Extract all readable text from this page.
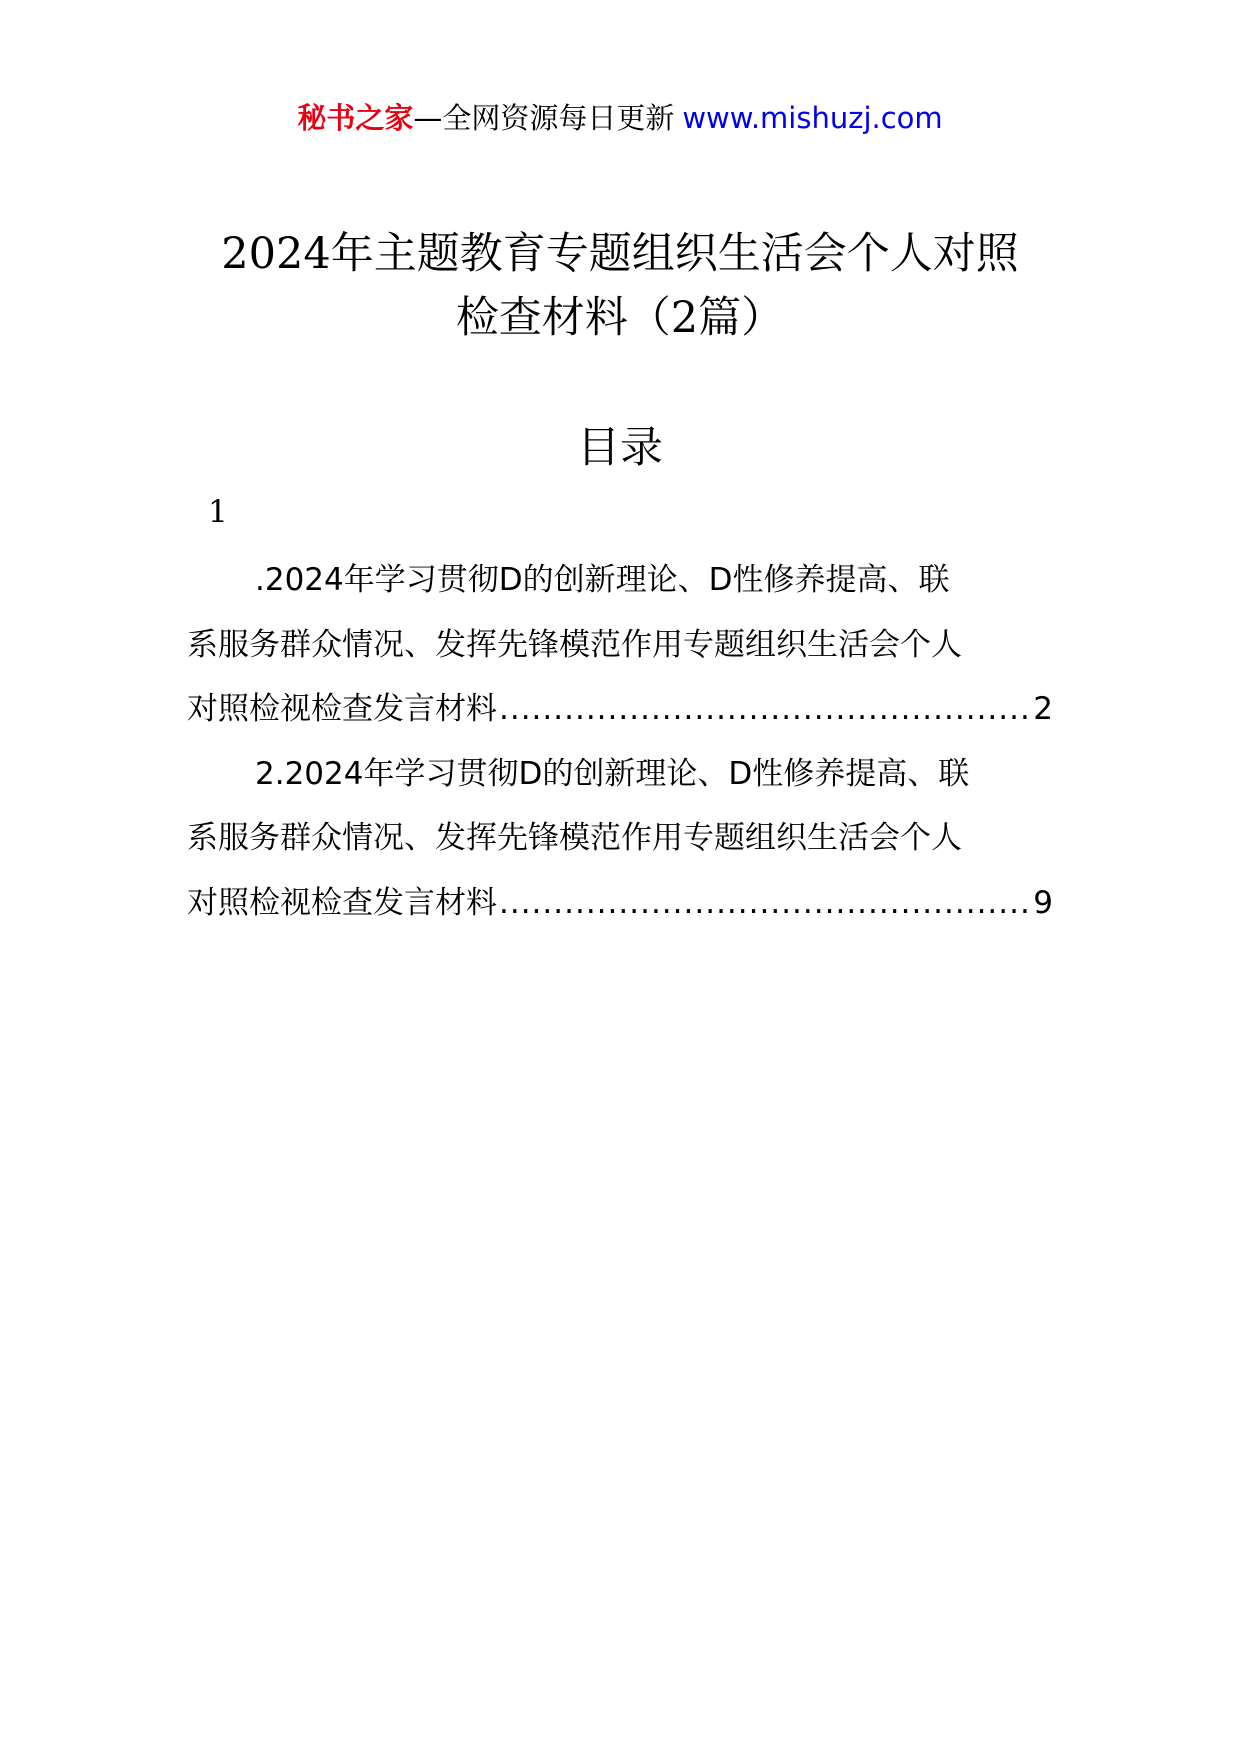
秘书之家—全网资源每日更新 www.mishuzj.com
2024年主题教育专题组织生活会个人对照
检查材料（2篇）
目录
1
.2024年学习贯彻D的创新理论、D性修养提高、联
系服务群众情况、发挥先锋模范作用专题组织生活会个人
对照检视检查发言材料 .....	2
2.2024年学习贯彻D的创新理论、D性修养提高、联
系服务群众情况、发挥先锋模范作用专题组织生活会个人
对照检视检查发言材料 .....	9
